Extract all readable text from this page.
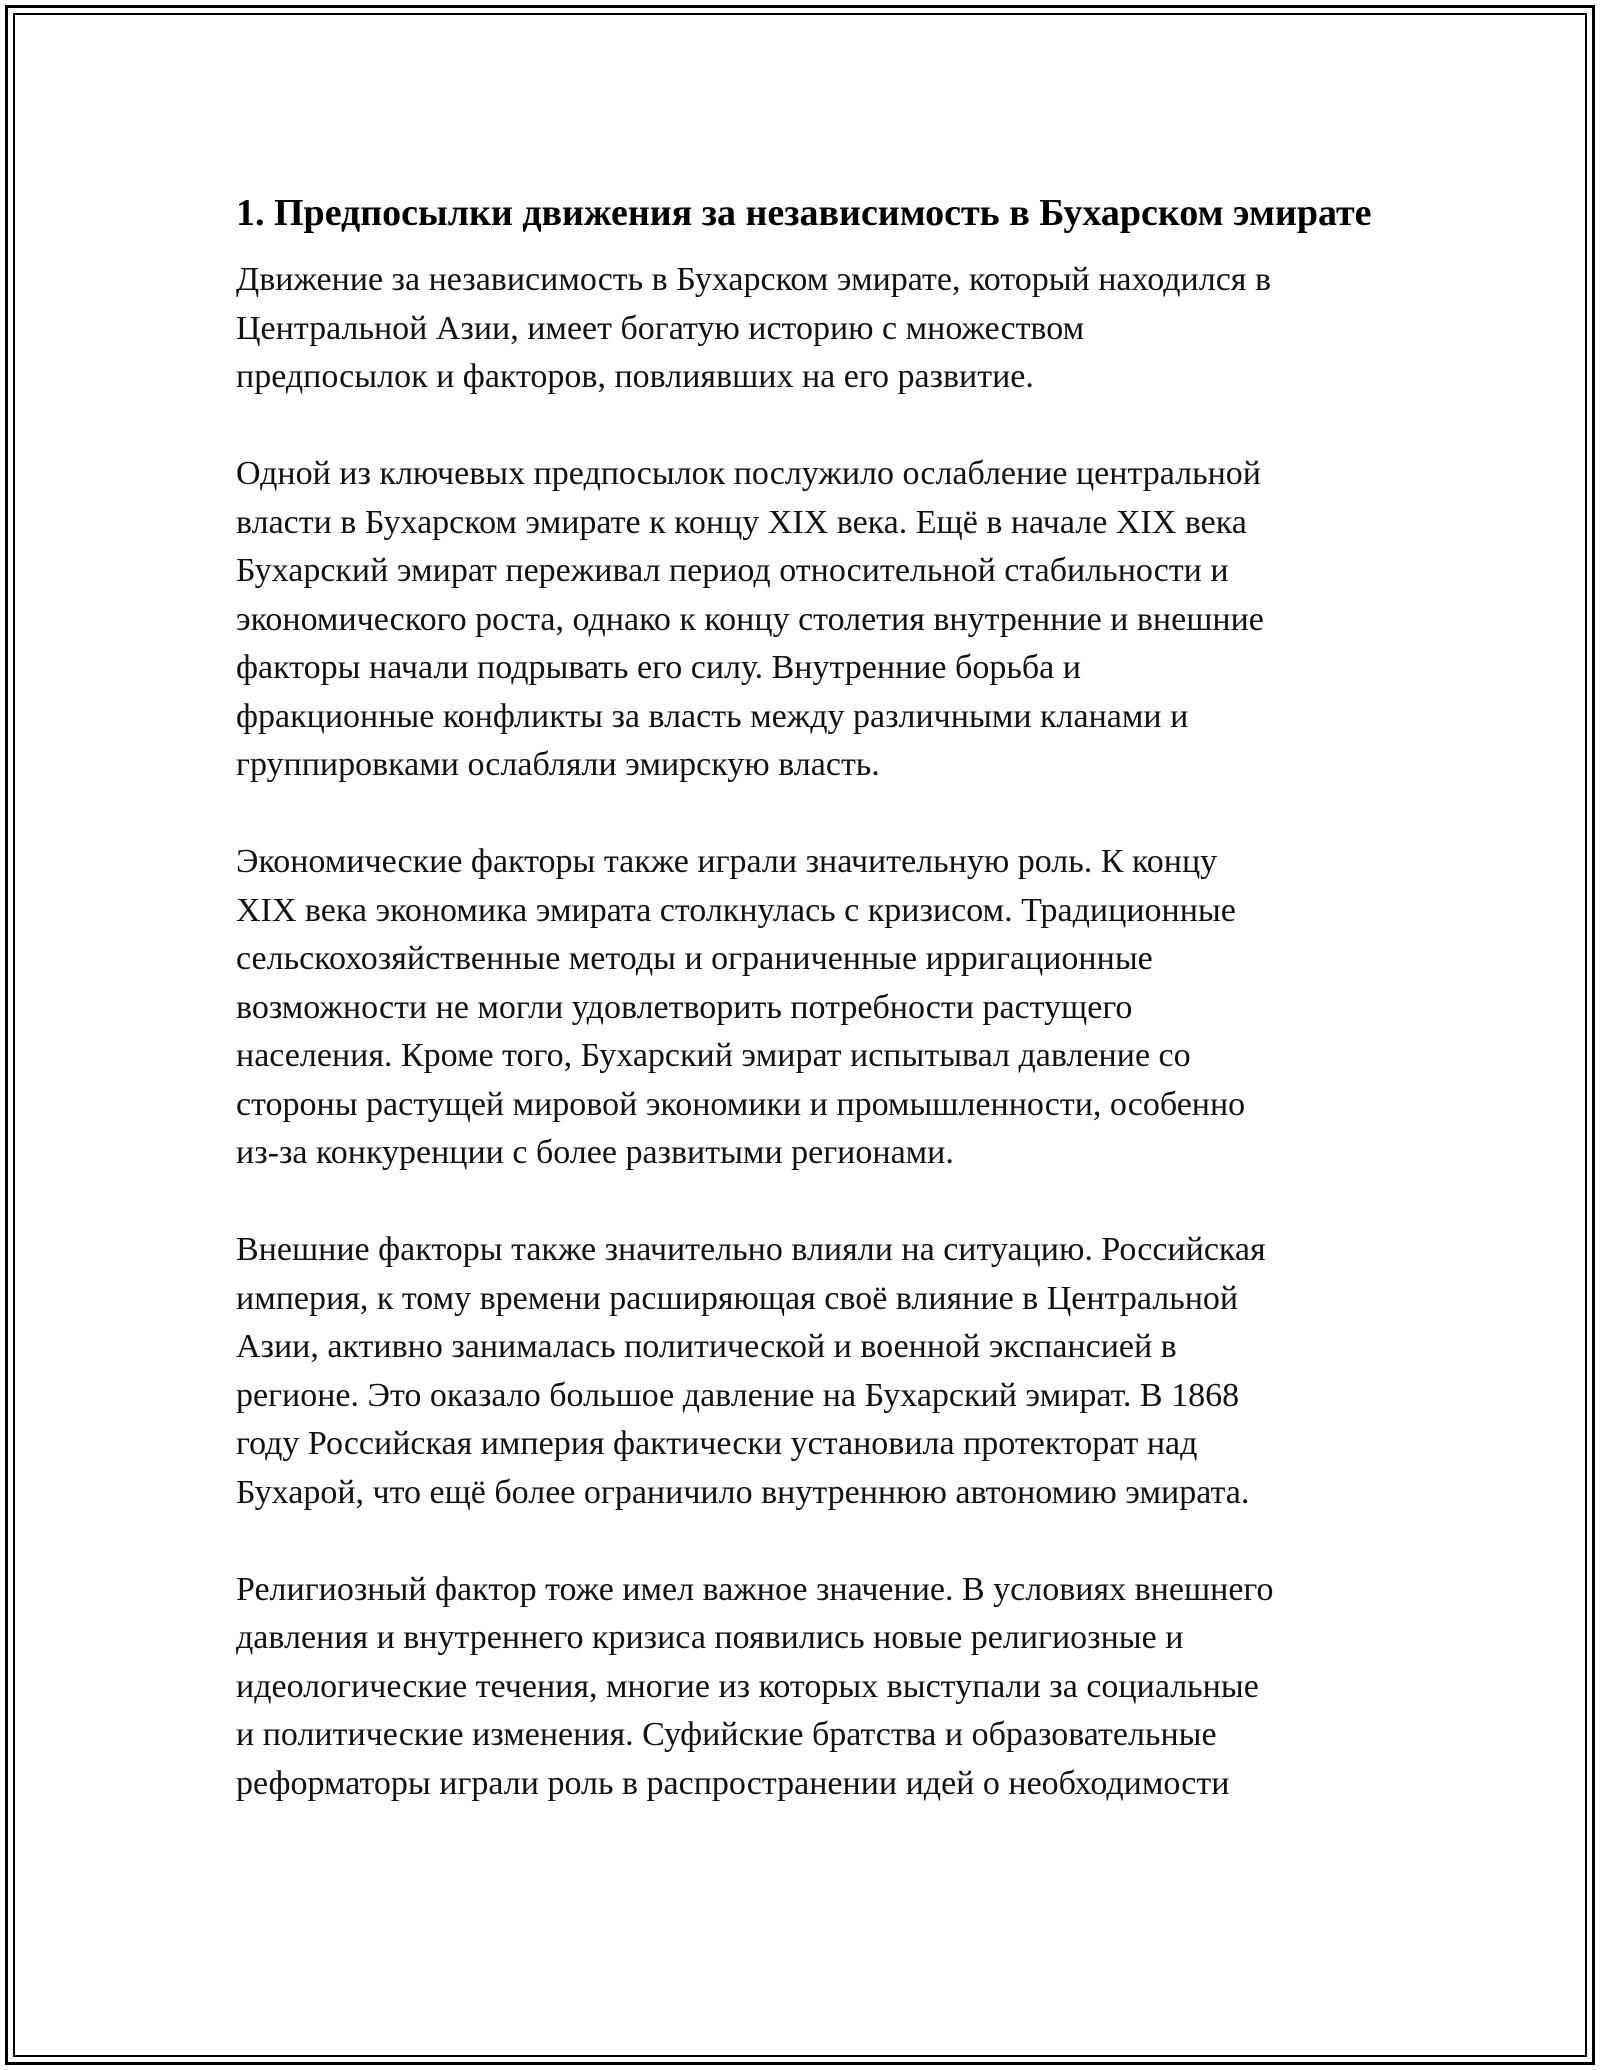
1. Предпосылки движения за независимость в Бухарском эмирате

Движение за независимость в Бухарском эмирате, который находился в
Центральной Азии, имеет богатую историю с множеством
предпосылок и факторов, повлиявших на его развитие.

Одной из ключевых предпосылок послужило ослабление центральной
власти в Бухарском эмирате к концу XIX века. Ещё в начале XIX века
Бухарский эмират переживал период относительной стабильности и
экономического роста, однако к концу столетия внутренние и внешние
факторы начали подрывать его силу. Внутренние борьба и
фракционные конфликты за власть между различными кланами и
группировками ослабляли эмирскую власть.

Экономические факторы также играли значительную роль. К концу
XIX века экономика эмирата столкнулась с кризисом. Традиционные
сельскохозяйственные методы и ограниченные ирригационные
возможности не могли удовлетворить потребности растущего
населения. Кроме того, Бухарский эмират испытывал давление со
стороны растущей мировой экономики и промышленности, особенно
из-за конкуренции с более развитыми регионами.

Внешние факторы также значительно влияли на ситуацию. Российская
империя, к тому времени расширяющая своё влияние в Центральной
Азии, активно занималась политической и военной экспансией в
регионе. Это оказало большое давление на Бухарский эмират. В 1868
году Российская империя фактически установила протекторат над
Бухарой, что ещё более ограничило внутреннюю автономию эмирата.

Религиозный фактор тоже имел важное значение. В условиях внешнего
давления и внутреннего кризиса появились новые религиозные и
идеологические течения, многие из которых выступали за социальные
и политические изменения. Суфийские братства и образовательные
реформаторы играли роль в распространении идей о необходимости
